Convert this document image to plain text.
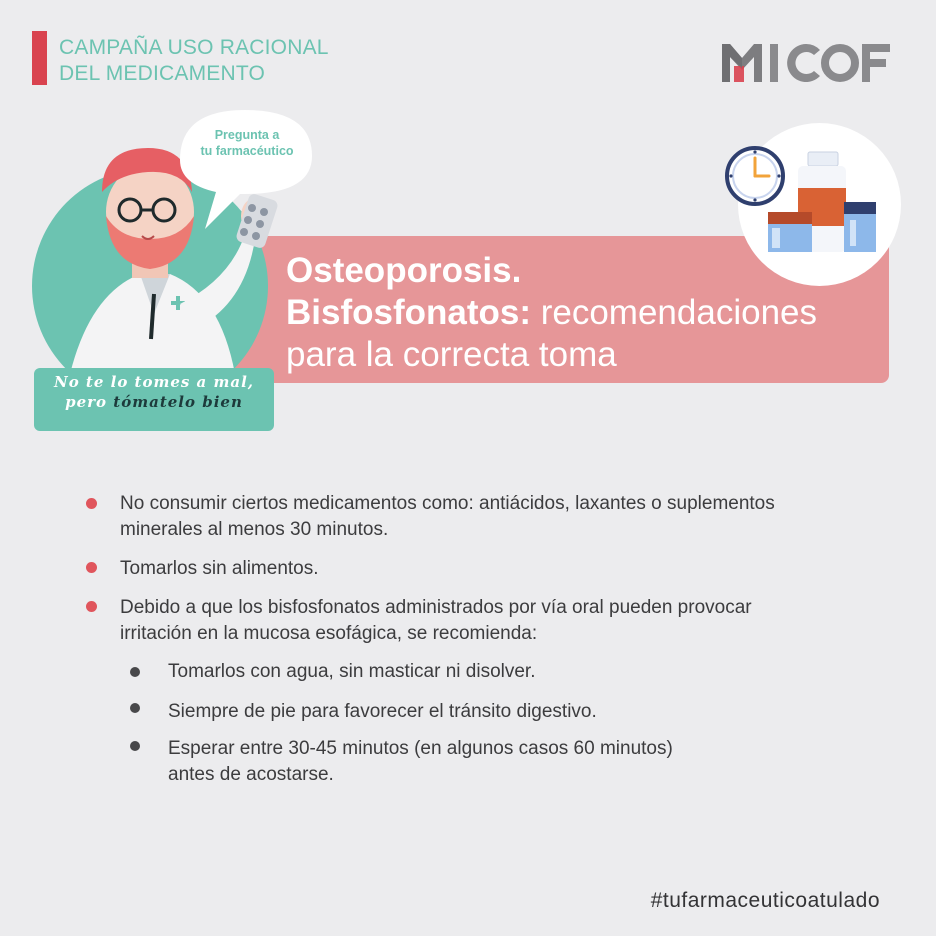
CAMPAÑA USO RACIONAL
DEL MEDICAMENTO
Osteoporosis.
Bisfosfonatos: recomendaciones
para la correcta toma
Pregunta a
tu farmacéutico
No te lo tomes a mal,
pero tómatelo bien
No consumir ciertos medicamentos como: antiácidos, laxantes o suplementos
minerales al menos 30 minutos.
Tomarlos sin alimentos.
Debido a que los bisfosfonatos administrados por vía oral pueden provocar
irritación en la mucosa esofágica, se recomienda:
Tomarlos con agua, sin masticar ni disolver.
Siempre de pie para favorecer el tránsito digestivo.
Esperar entre 30-45 minutos (en algunos casos 60 minutos)
antes de acostarse.
#tufarmaceuticoatulado
